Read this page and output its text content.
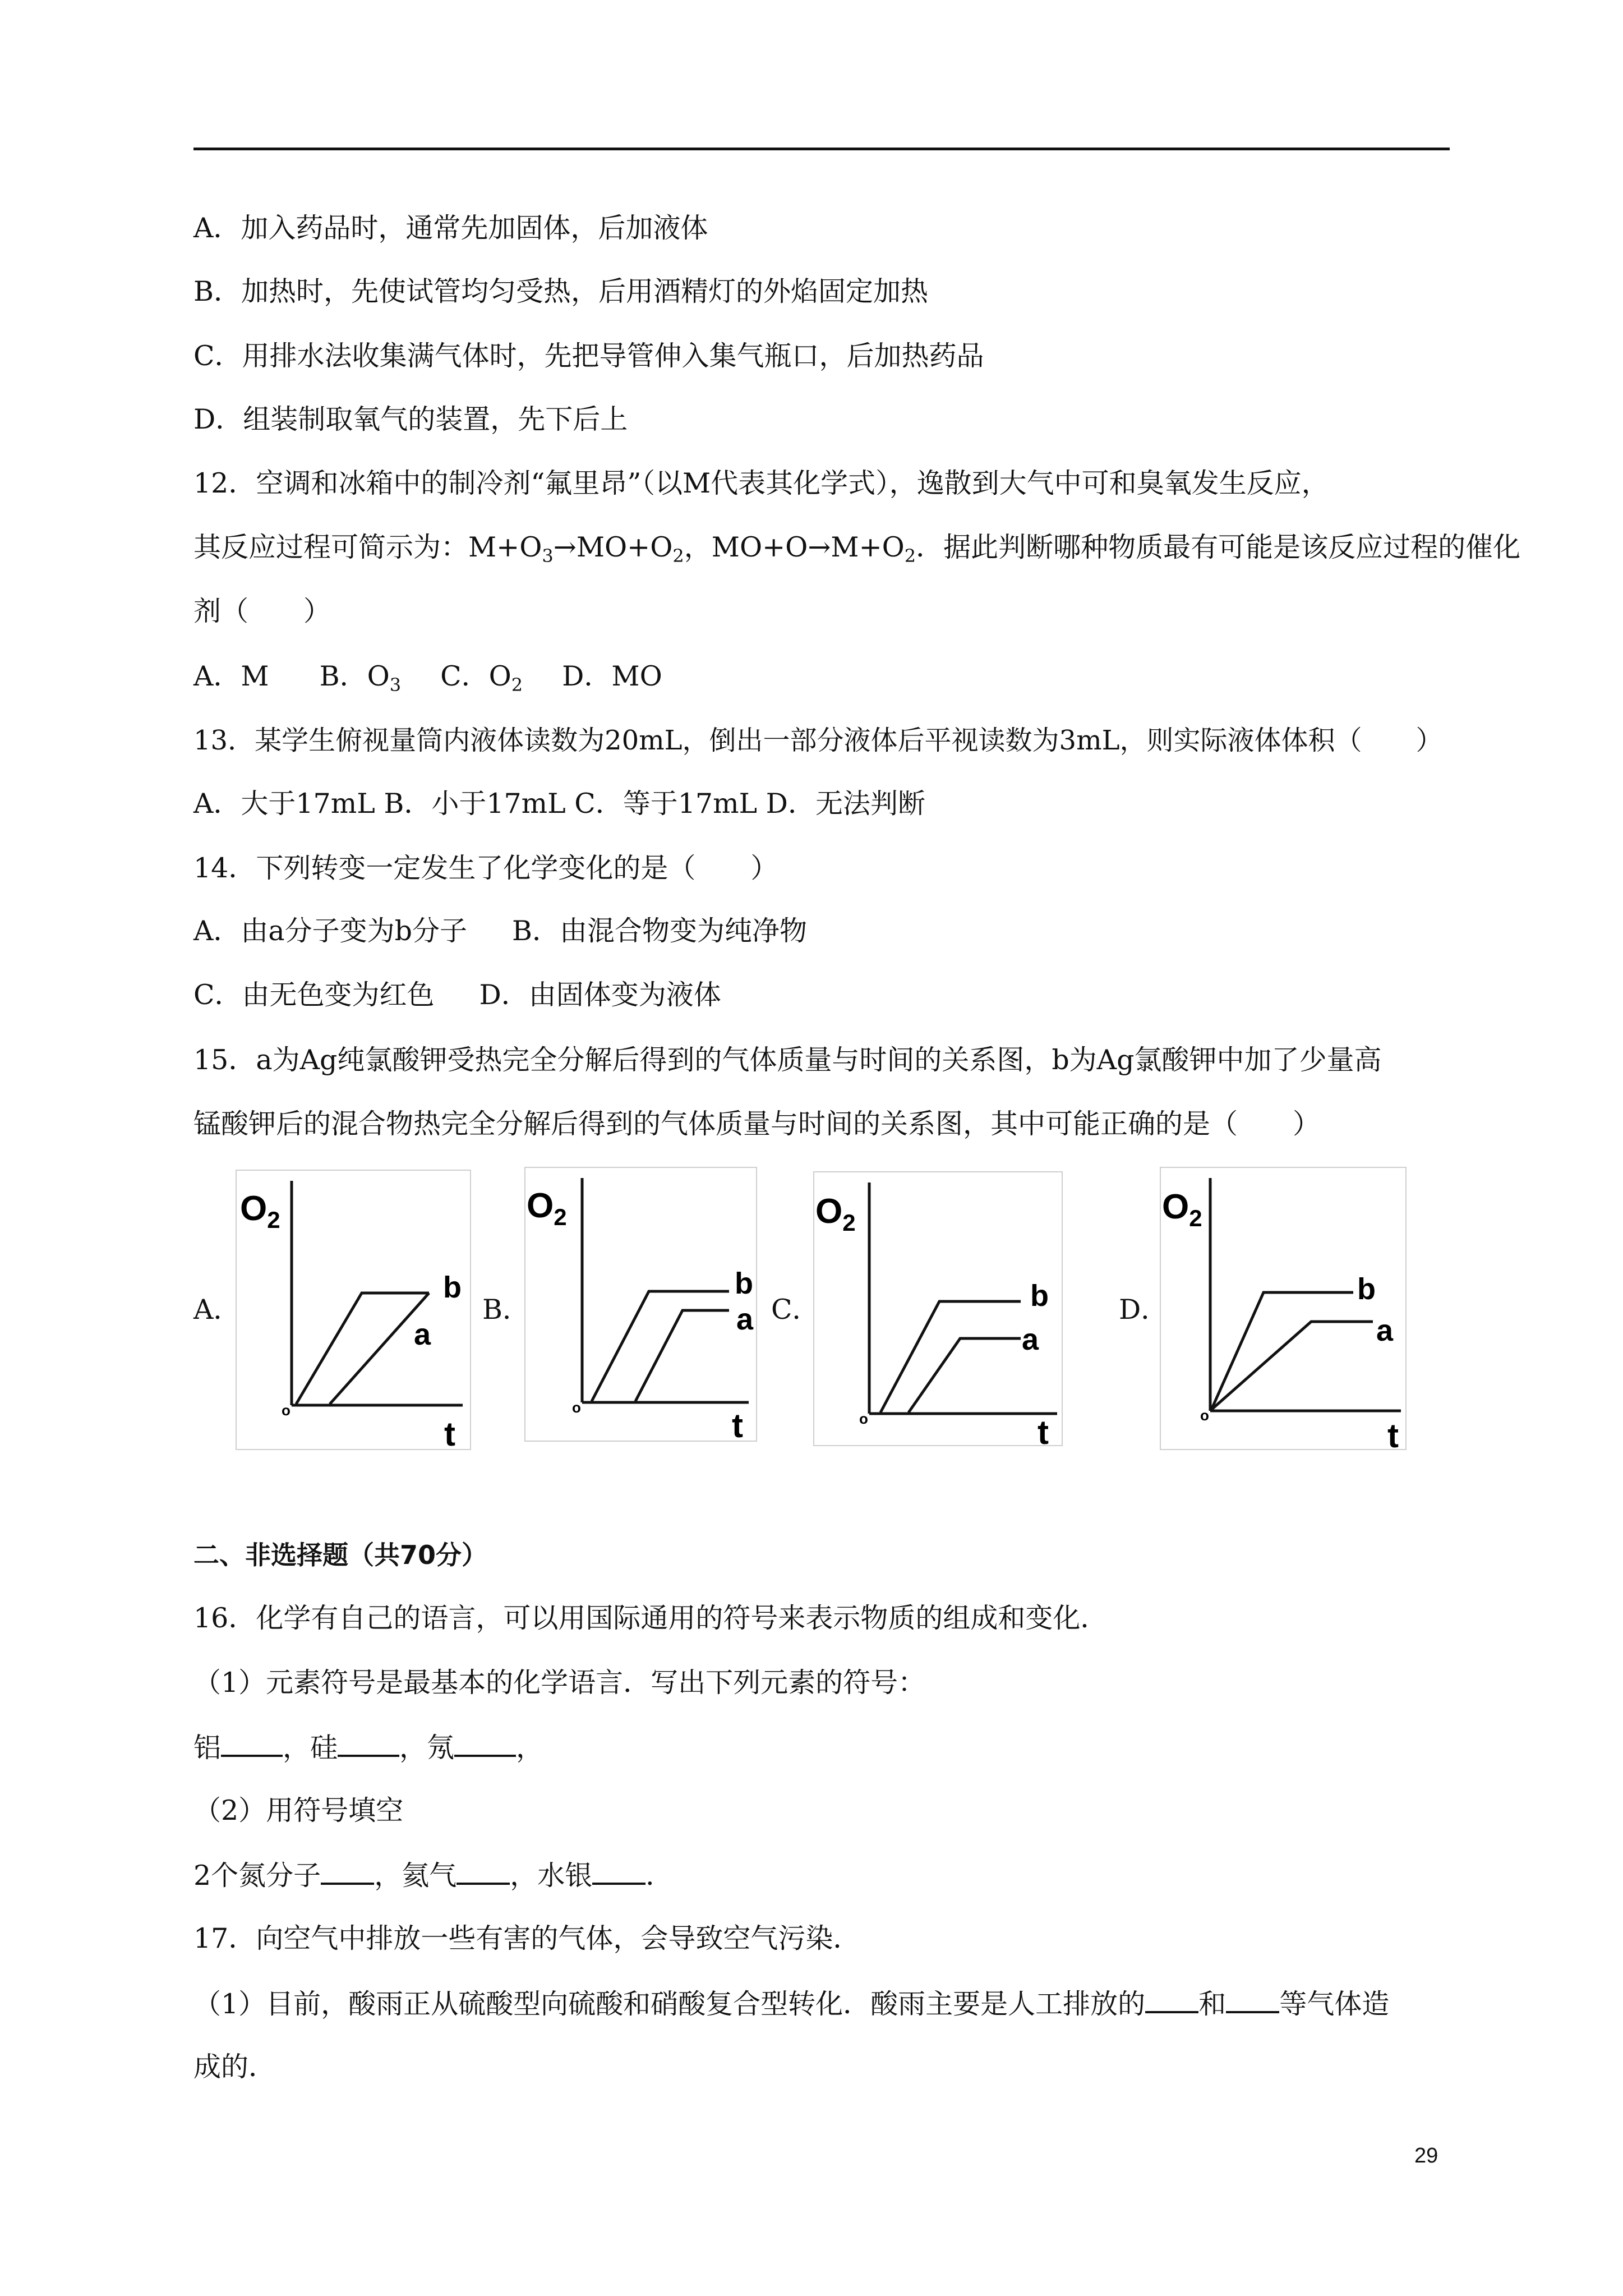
A．加入药品时，通常先加固体，后加液体
B．加热时，先使试管均匀受热，后用酒精灯的外焰固定加热
C．用排水法收集满气体时，先把导管伸入集气瓶口，后加热药品
D．组装制取氧气的装置，先下后上
12．空调和冰箱中的制冷剂“氟里昂”（以M代表其化学式），逸散到大气中可和臭氧发生反应，
其反应过程可简示为：$M+O_3\to MO+O_2$，$MO+O\to M+O_2$．据此判断哪种物质最有可能是该反应过程的催化
剂（　　）
A．M B．$O_3$ C．$O_2$ D．MO
13．某学生俯视量筒内液体读数为20mL，倒出一部分液体后平视读数为3mL，则实际液体体积（　　）
A．大于17mL B．小于17mL C．等于17mL D．无法判断
14．下列转变一定发生了化学变化的是（　　）
A．由a分子变为b分子 B．由混合物变为纯净物
C．由无色变为红色 D．由固体变为液体
15．a为Ag纯氯酸钾受热完全分解后得到的气体质量与时间的关系图，b为Ag氯酸钾中加了少量高
锰酸钾后的混合物热完全分解后得到的气体质量与时间的关系图，其中可能正确的是（　　）
A．	B．	C．	D．
$O_2$
o
t
b
a
$O_2$
o	t
b
a
$O_2$
o	t
b
a
$O_2$
o
t
b
a
二、非选择题（共70分）
16．化学有自己的语言，可以用国际通用的符号来表示物质的组成和变化．
（1）元素符号是最基本的化学语言．写出下列元素的符号：
铝 ，硅 ，氖 ，
（2）用符号填空
2个氮分子 ，氦气 ，水银 ．
17．向空气中排放一些有害的气体，会导致空气污染．
（1）目前，酸雨正从硫酸型向硫酸和硝酸复合型转化．酸雨主要是人工排放的 和 等气体造
成的．
29
